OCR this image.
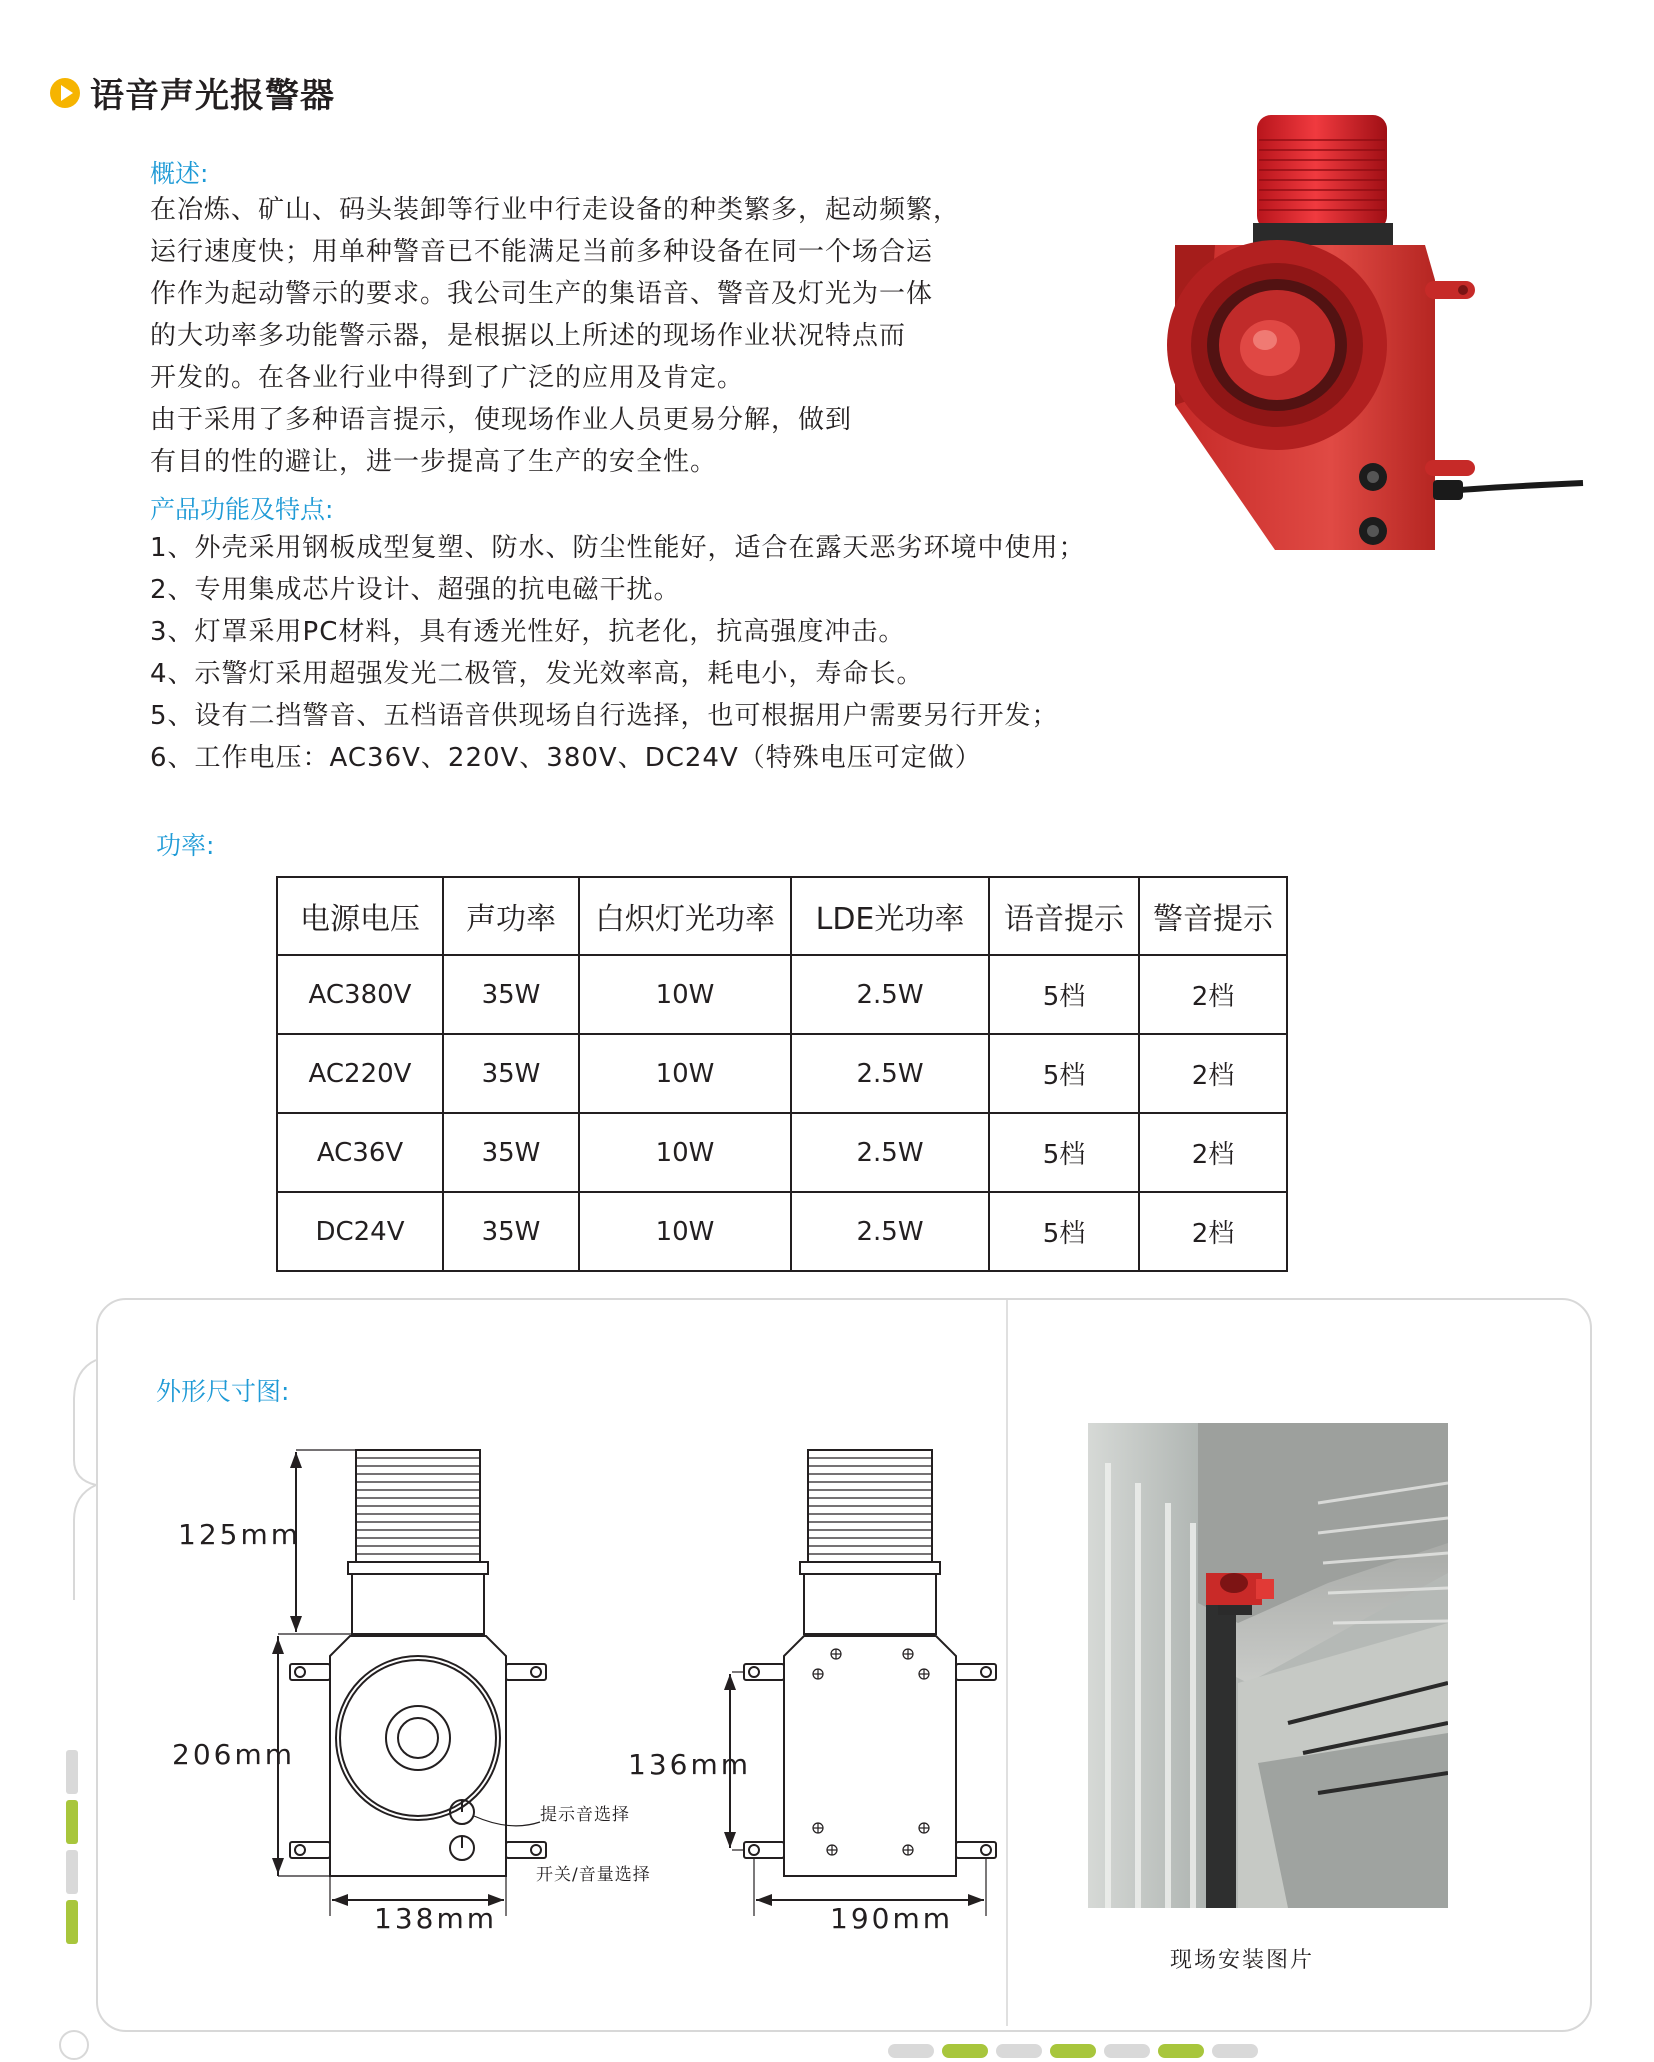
语音声光报警器
概述:
在冶炼、矿山、码头装卸等行业中行走设备的种类繁多，起动频繁，
运行速度快；用单种警音已不能满足当前多种设备在同一个场合运
作作为起动警示的要求。我公司生产的集语音、警音及灯光为一体
的大功率多功能警示器，是根据以上所述的现场作业状况特点而
开发的。在各业行业中得到了广泛的应用及肯定。
由于采用了多种语言提示，使现场作业人员更易分解，做到
有目的性的避让，进一步提高了生产的安全性。
产品功能及特点:
1、外壳采用钢板成型复塑、防水、防尘性能好，适合在露天恶劣环境中使用；
2、专用集成芯片设计、超强的抗电磁干扰。
3、灯罩采用PC材料，具有透光性好，抗老化，抗高强度冲击。
4、示警灯采用超强发光二极管，发光效率高，耗电小，寿命长。
5、设有二挡警音、五档语音供现场自行选择，也可根据用户需要另行开发；
6、工作电压：AC36V、220V、380V、DC24V（特殊电压可定做）
功率:
电源电压	声功率	白炽灯光功率	LDE光功率	语音提示	警音提示
AC380V	35W	10W	2.5W	5档	2档
AC220V	35W	10W	2.5W	5档	2档
AC36V	35W	10W	2.5W	5档	2档
DC24V	35W	10W	2.5W	5档	2档
外形尺寸图:
125mm
206mm
138mm
提示音选择
开关/音量选择
136mm
190mm
现场安装图片
